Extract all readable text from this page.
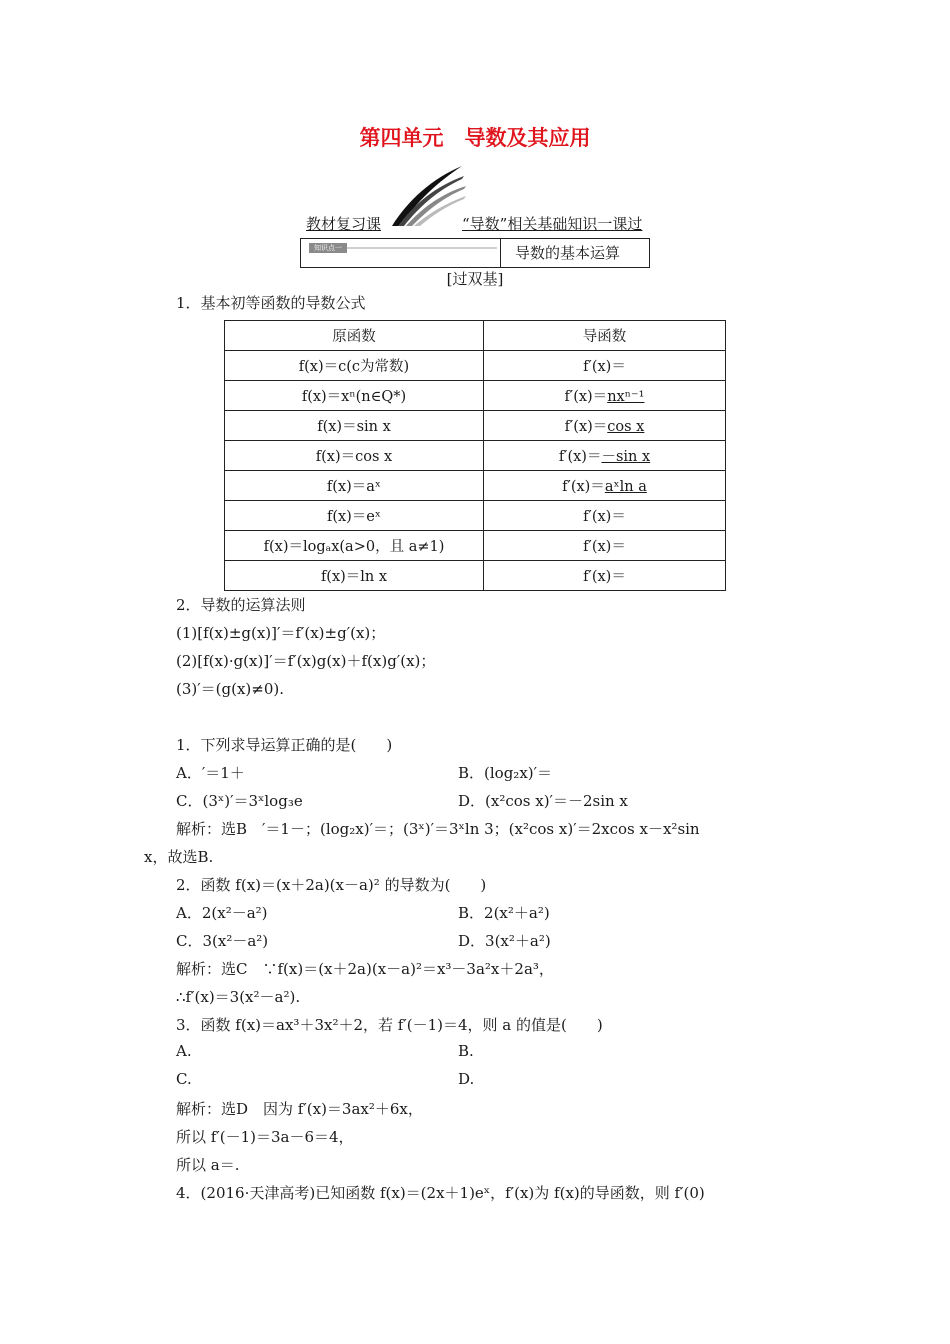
第四单元　导数及其应用
教材复习课	“导数”相关基础知识一课过
知识点一	导数的基本运算
[过双基]
1．基本初等函数的导数公式
原函数	导函数
f(x)＝c(c为常数)	f′(x)＝
f(x)＝xⁿ(n∈Q*)	f′(x)＝nxⁿ⁻¹
f(x)＝sin x	f′(x)＝cos x
f(x)＝cos x	f′(x)＝－sin x
f(x)＝aˣ	f′(x)＝aˣln a
f(x)＝eˣ	f′(x)＝
f(x)＝logₐx(a>0，且 a≠1)	f′(x)＝
f(x)＝ln x	f′(x)＝
2．导数的运算法则
(1)[f(x)±g(x)]′＝f′(x)±g′(x)；
(2)[f(x)·g(x)]′＝f′(x)g(x)＋f(x)g′(x)；
(3)′＝(g(x)≠0).
1．下列求导运算正确的是(　　)
A．′＝1＋	B．(log₂x)′＝
C．(3ˣ)′＝3ˣlog₃e	D．(x²cos x)′＝－2sin x
解析：选B　′＝1－；(log₂x)′＝；(3ˣ)′＝3ˣln 3；(x²cos x)′＝2xcos x－x²sin
x，故选B.
2．函数 f(x)＝(x＋2a)(x－a)² 的导数为(　　)
A．2(x²－a²)	B．2(x²＋a²)
C．3(x²－a²)	D．3(x²＋a²)
解析：选C　∵f(x)＝(x＋2a)(x－a)²＝x³－3a²x＋2a³，
∴f′(x)＝3(x²－a²).
3．函数 f(x)＝ax³＋3x²＋2，若 f′(－1)＝4，则 a 的值是(　　)
A.	B.
C.	D.
解析：选D　因为 f′(x)＝3ax²＋6x，
所以 f′(－1)＝3a－6＝4，
所以 a＝.
4．(2016·天津高考)已知函数 f(x)＝(2x＋1)eˣ，f′(x)为 f(x)的导函数，则 f′(0)
